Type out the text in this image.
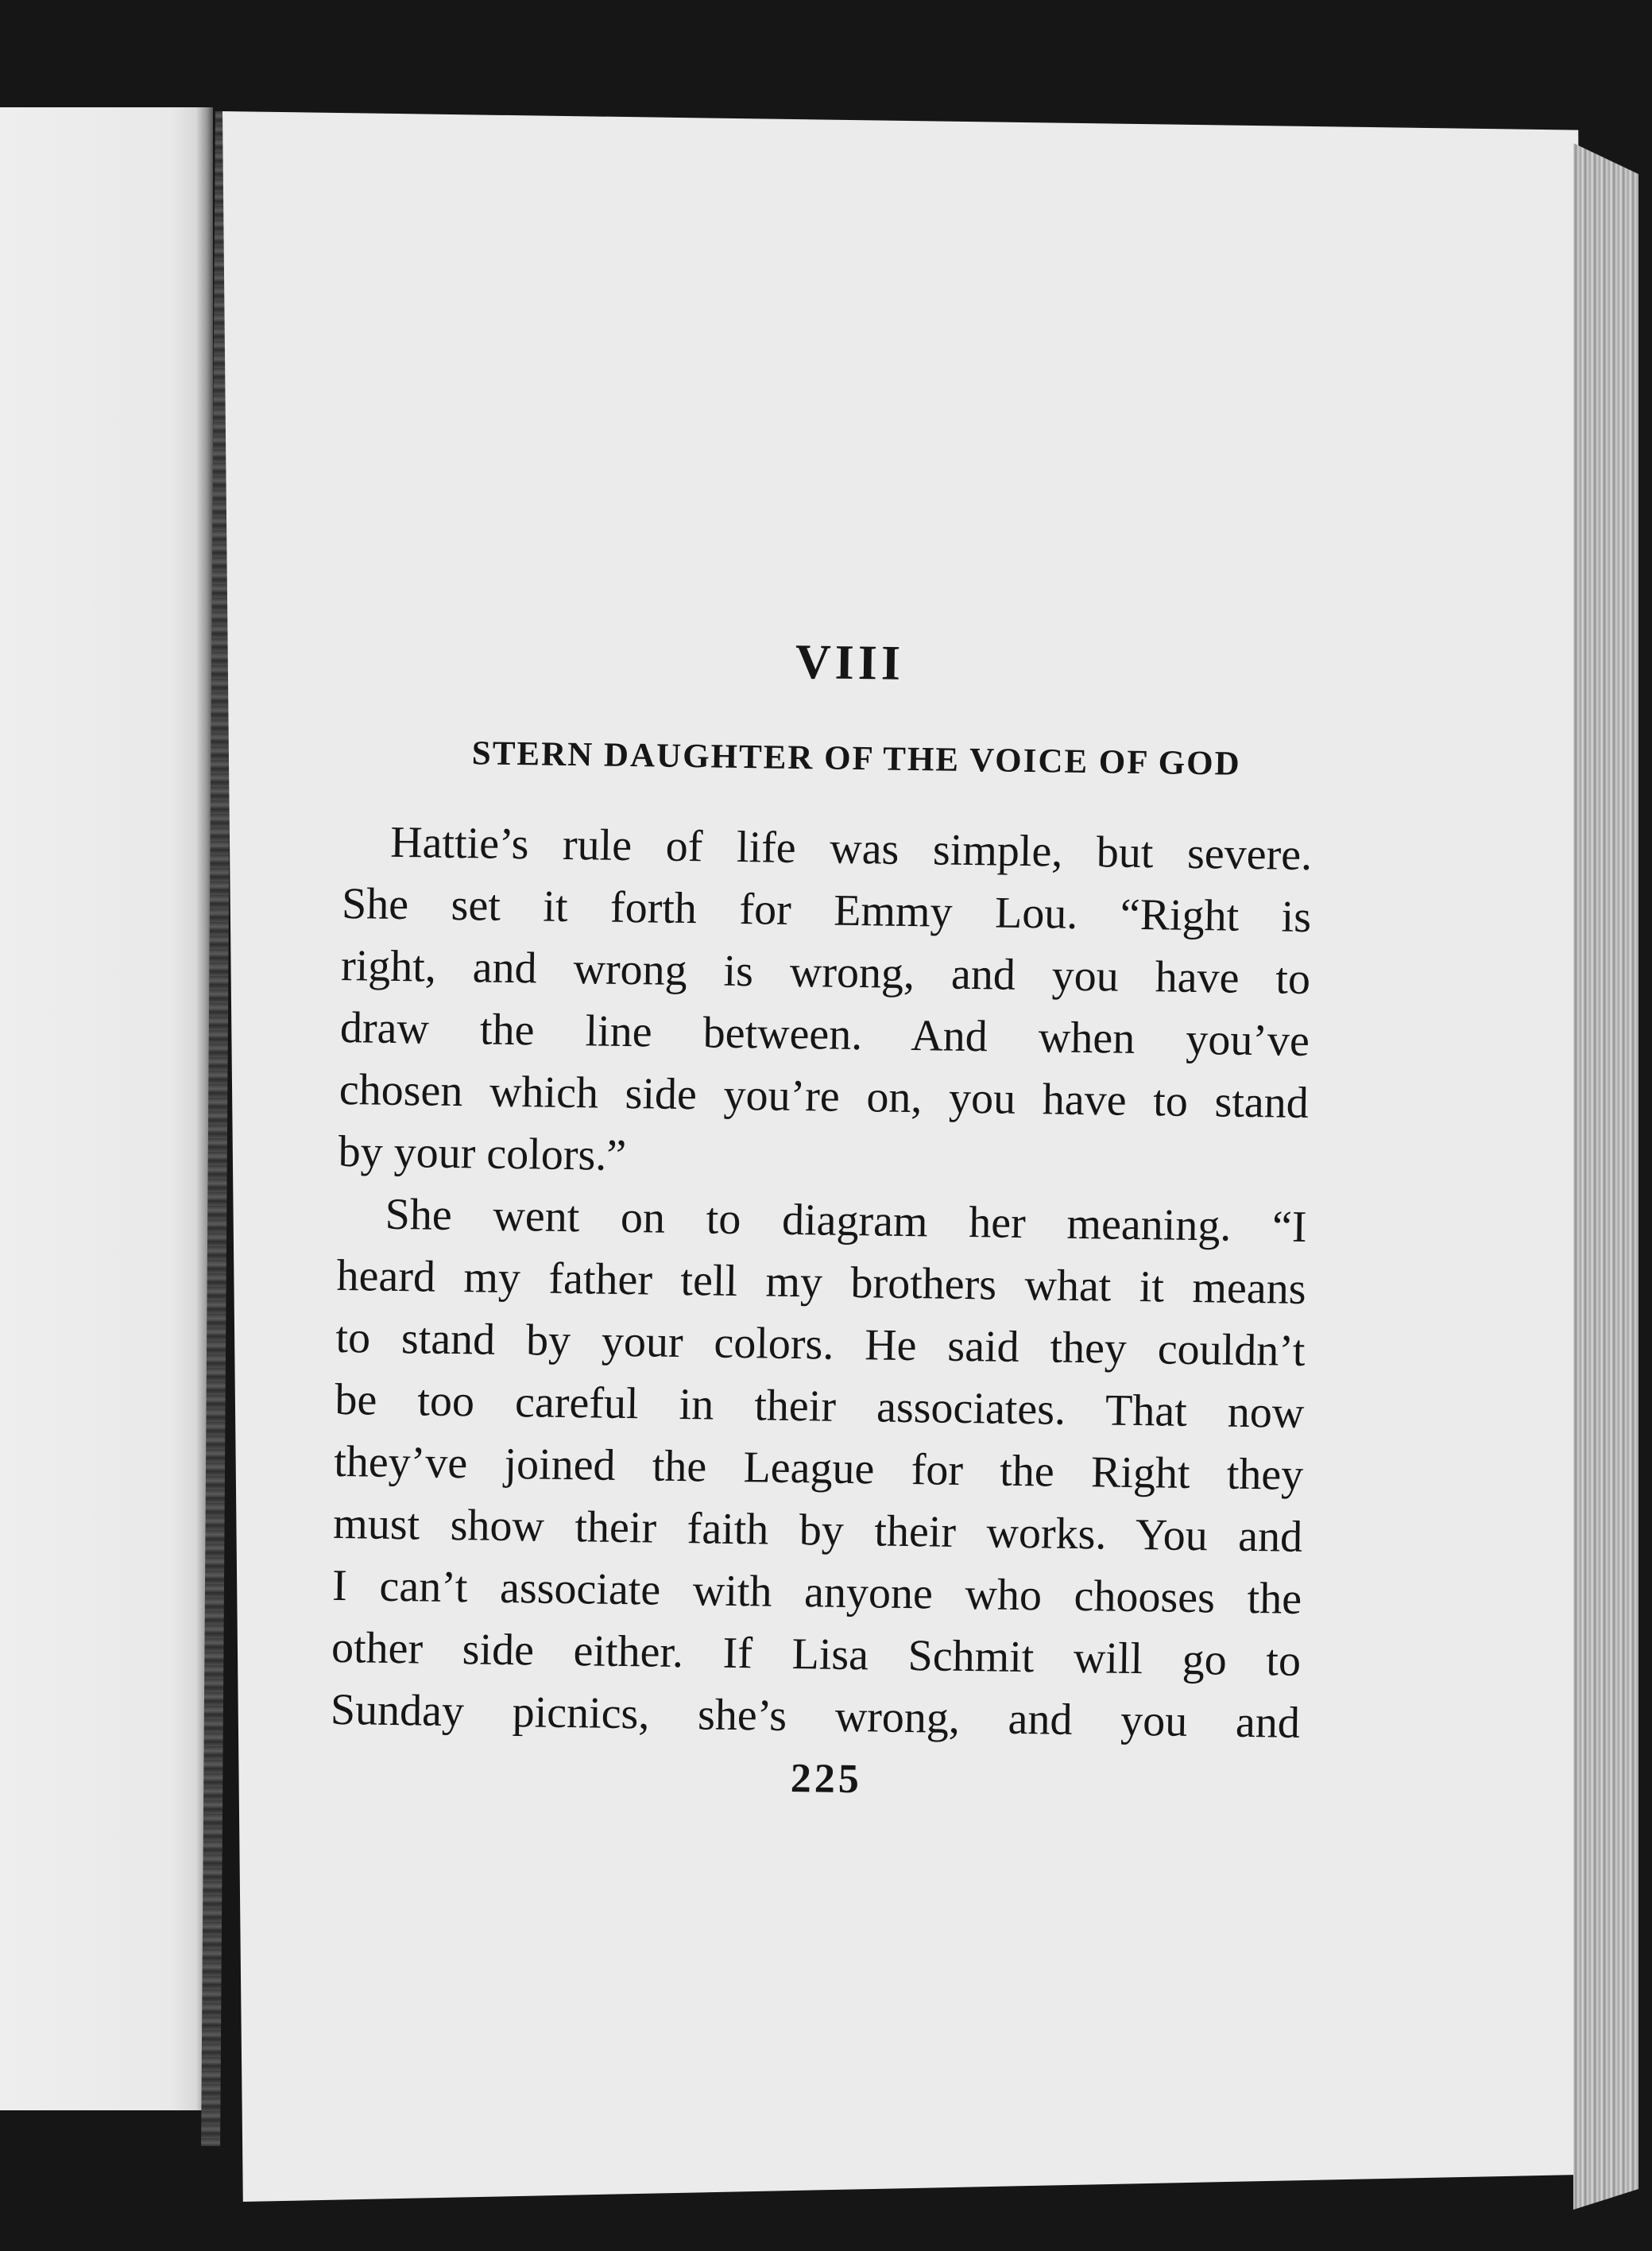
VIII
STERN DAUGHTER OF THE VOICE OF GOD

Hattie’s rule of life was simple, but severe.
She set it forth for Emmy Lou. “Right is
right, and wrong is wrong, and you have to
draw the line between. And when you’ve
chosen which side you’re on, you have to stand
by your colors.”

She went on to diagram her meaning. “I
heard my father tell my brothers what it means
to stand by your colors. He said they couldn’t
be too careful in their associates. That now
they’ve joined the League for the Right they
must show their faith by their works. You and
I can’t associate with anyone who chooses the
other side either. If Lisa Schmit will go to
Sunday picnics, she’s wrong, and you and

225
